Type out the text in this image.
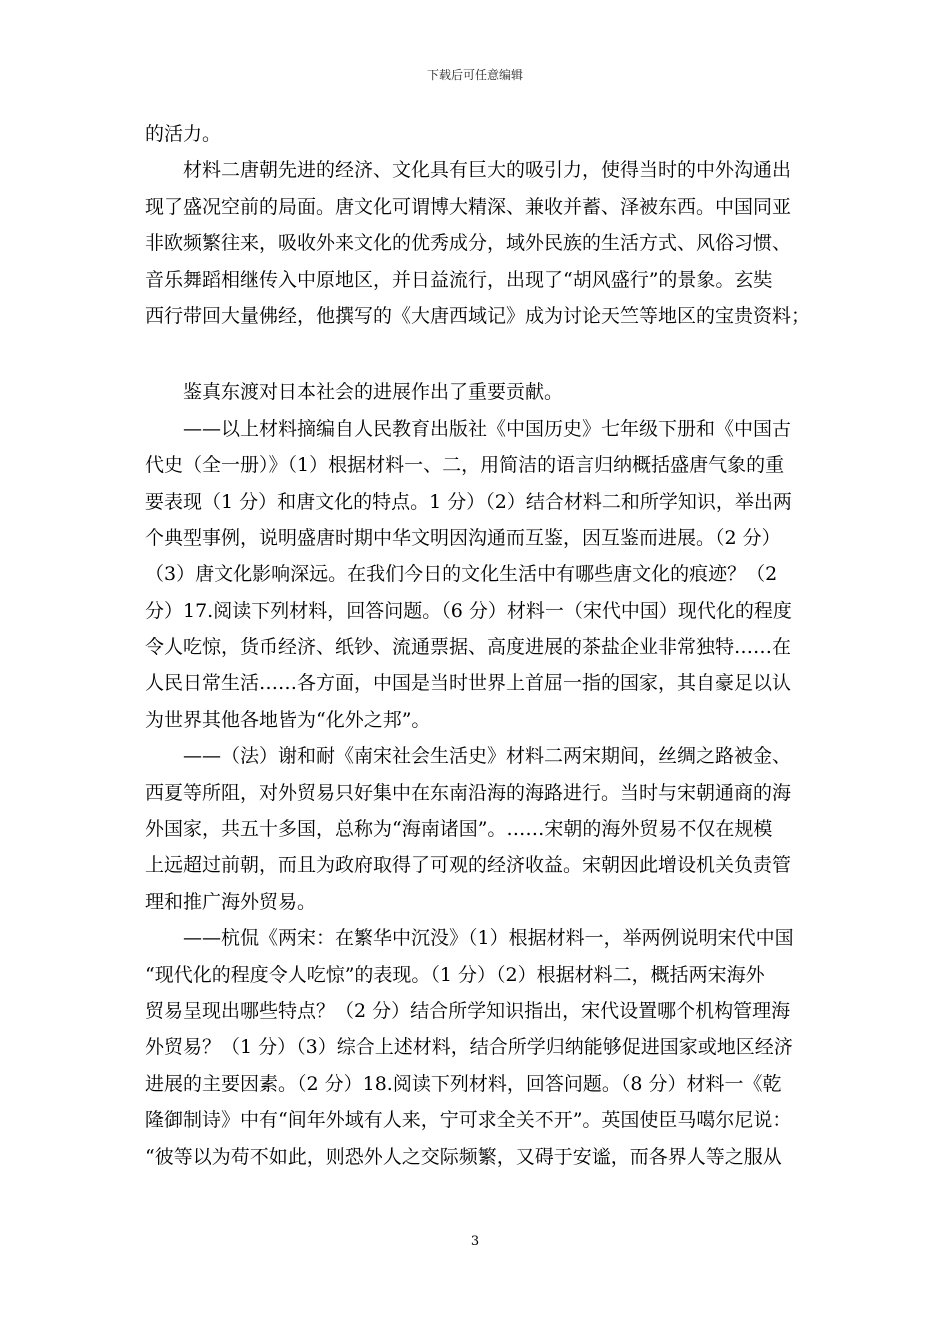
下载后可任意编辑
的活力。
材料二唐朝先进的经济、文化具有巨大的吸引力，使得当时的中外沟通出
现了盛况空前的局面。唐文化可谓博大精深、兼收并蓄、泽被东西。中国同亚
非欧频繁往来，吸收外来文化的优秀成分，域外民族的生活方式、风俗习惯、
音乐舞蹈相继传入中原地区，并日益流行，出现了“胡风盛行”的景象。玄奘
西行带回大量佛经，他撰写的《大唐西域记》成为讨论天竺等地区的宝贵资料；
鉴真东渡对日本社会的进展作出了重要贡献。
——以上材料摘编自人民教育出版社《中国历史》七年级下册和《中国古
代史（全一册）》（1）根据材料一、二，用简洁的语言归纳概括盛唐气象的重
要表现（1 分）和唐文化的特点。1 分）（2）结合材料二和所学知识，举出两
个典型事例，说明盛唐时期中华文明因沟通而互鉴，因互鉴而进展。（2 分）
（3）唐文化影响深远。在我们今日的文化生活中有哪些唐文化的痕迹？（2
分）17.阅读下列材料，回答问题。（6 分）材料一（宋代中国）现代化的程度
令人吃惊，货币经济、纸钞、流通票据、高度进展的茶盐企业非常独特……在
人民日常生活……各方面，中国是当时世界上首屈一指的国家，其自豪足以认
为世界其他各地皆为“化外之邦”。
——（法）谢和耐《南宋社会生活史》材料二两宋期间，丝绸之路被金、
西夏等所阻，对外贸易只好集中在东南沿海的海路进行。当时与宋朝通商的海
外国家，共五十多国，总称为“海南诸国”。……宋朝的海外贸易不仅在规模
上远超过前朝，而且为政府取得了可观的经济收益。宋朝因此增设机关负责管
理和推广海外贸易。
——杭侃《两宋：在繁华中沉没》（1）根据材料一，举两例说明宋代中国
“现代化的程度令人吃惊”的表现。（1 分）（2）根据材料二，概括两宋海外
贸易呈现出哪些特点？（2 分）结合所学知识指出，宋代设置哪个机构管理海
外贸易？（1 分）（3）综合上述材料，结合所学归纳能够促进国家或地区经济
进展的主要因素。（2 分）18.阅读下列材料，回答问题。（8 分）材料一《乾
隆御制诗》中有“间年外域有人来，宁可求全关不开”。英国使臣马噶尔尼说：
“彼等以为苟不如此，则恐外人之交际频繁，又碍于安谧，而各界人等之服从
3
